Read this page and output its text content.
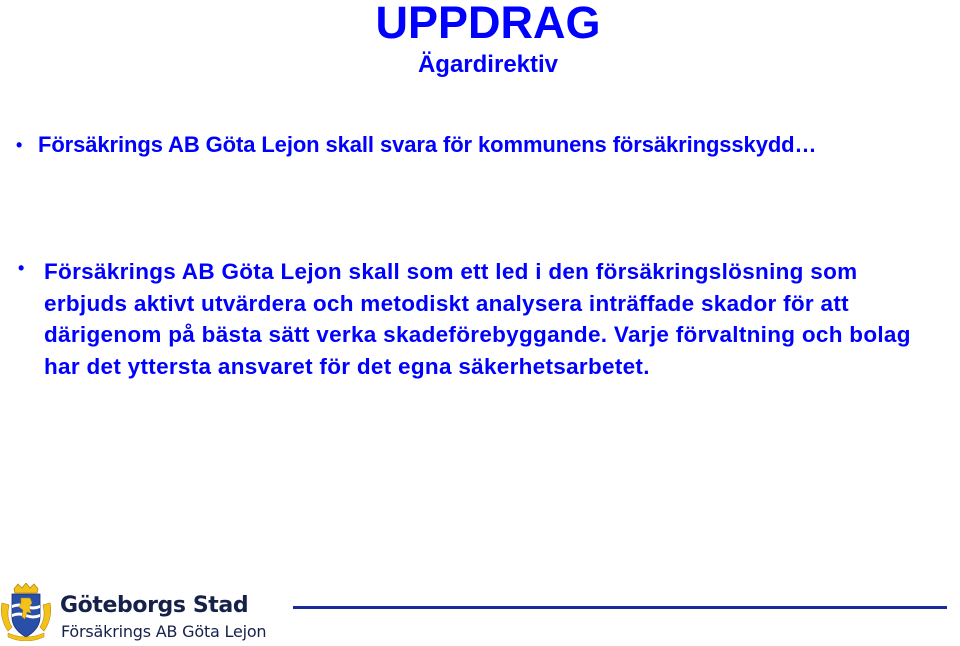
UPPDRAG
Ägardirektiv
• Försäkrings AB Göta Lejon skall svara för kommunens försäkringsskydd…
• Försäkrings AB Göta Lejon skall som ett led i den försäkringslösning som erbjuds aktivt utvärdera och metodiskt analysera inträffade skador för att därigenom på bästa sätt verka skadeförebyggande. Varje förvaltning och bolag har det yttersta ansvaret för det egna säkerhetsarbetet.
Göteborgs Stad
Försäkrings AB Göta Lejon
